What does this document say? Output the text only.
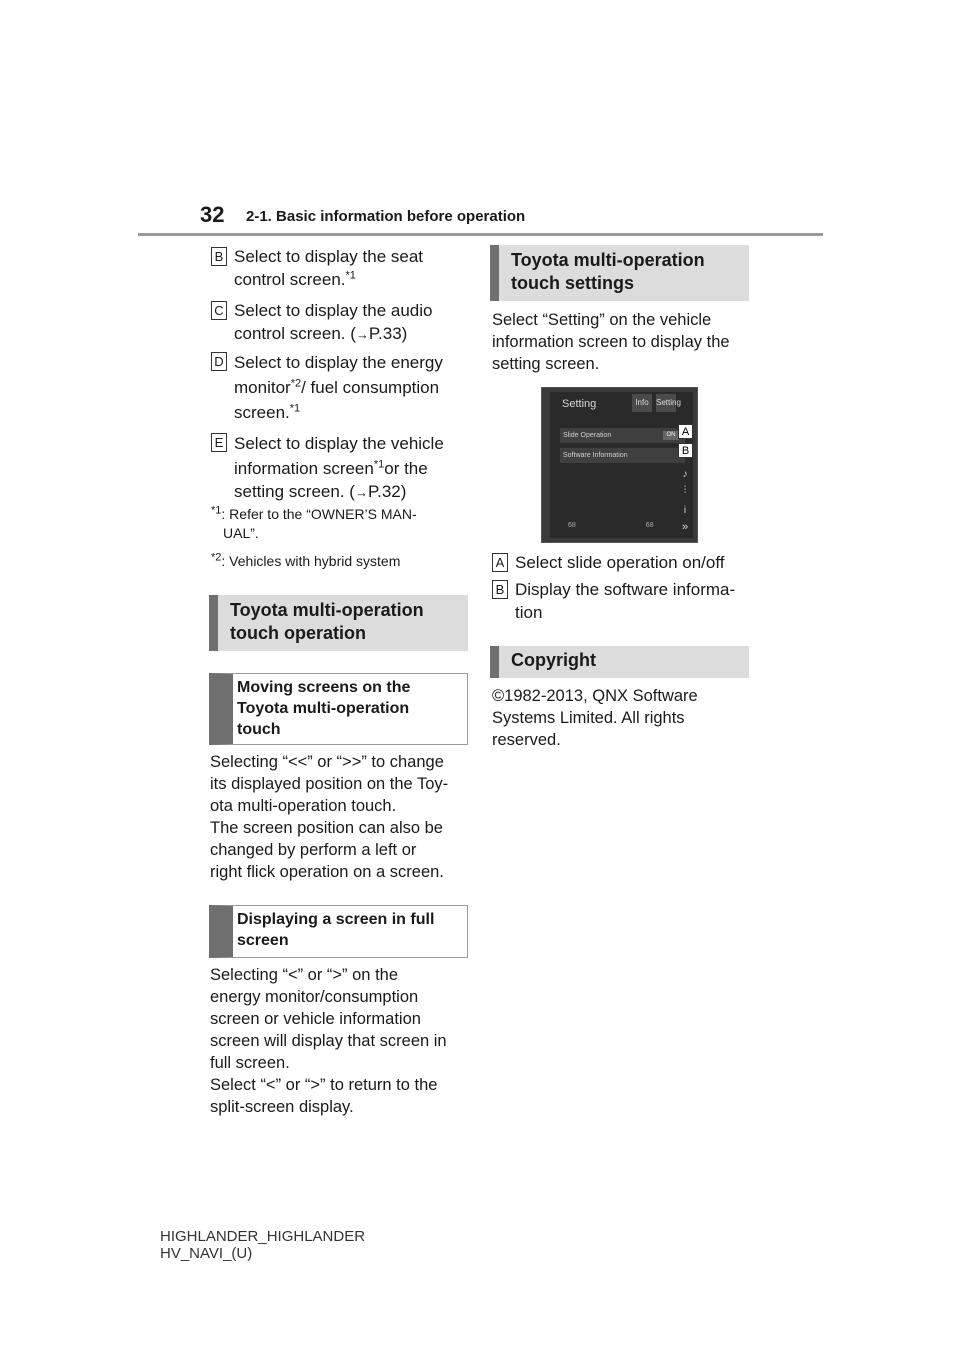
32 2-1. Basic information before operation
B Select to display the seat
control screen.$^{*1}$
C Select to display the audio
control screen. (→P.33)
D Select to display the energy
monitor$^{*2}$/ fuel consumption
screen.$^{*1}$
E Select to display the vehicle
information screen$^{*1}$or the
setting screen. (→P.32)
$^{*1}$: Refer to the “OWNER’S MAN-
UAL”.
$^{*2}$: Vehicles with hybrid system
Toyota multi-operation
touch operation
Moving screens on the
Toyota multi-operation
touch
Selecting “<<” or “>>” to change
its displayed position on the Toy-
ota multi-operation touch.
The screen position can also be
changed by perform a left or
right flick operation on a screen.
Displaying a screen in full
screen
Selecting “<” or “>” on the
energy monitor/consumption
screen or vehicle information
screen will display that screen in
full screen.
Select “<” or “>” to return to the
split-screen display.
Toyota multi-operation
touch settings
Select “Setting” on the vehicle
information screen to display the
setting screen.
Setting	Info Setting
Slide Operation	ON
Software Information
♪
⫶
i
68	68	»
A
B
A Select slide operation on/off
B Display the software informa-
tion
Copyright
©1982-2013, QNX Software
Systems Limited. All rights
reserved.
HIGHLANDER_HIGHLANDER
HV_NAVI_(U)
